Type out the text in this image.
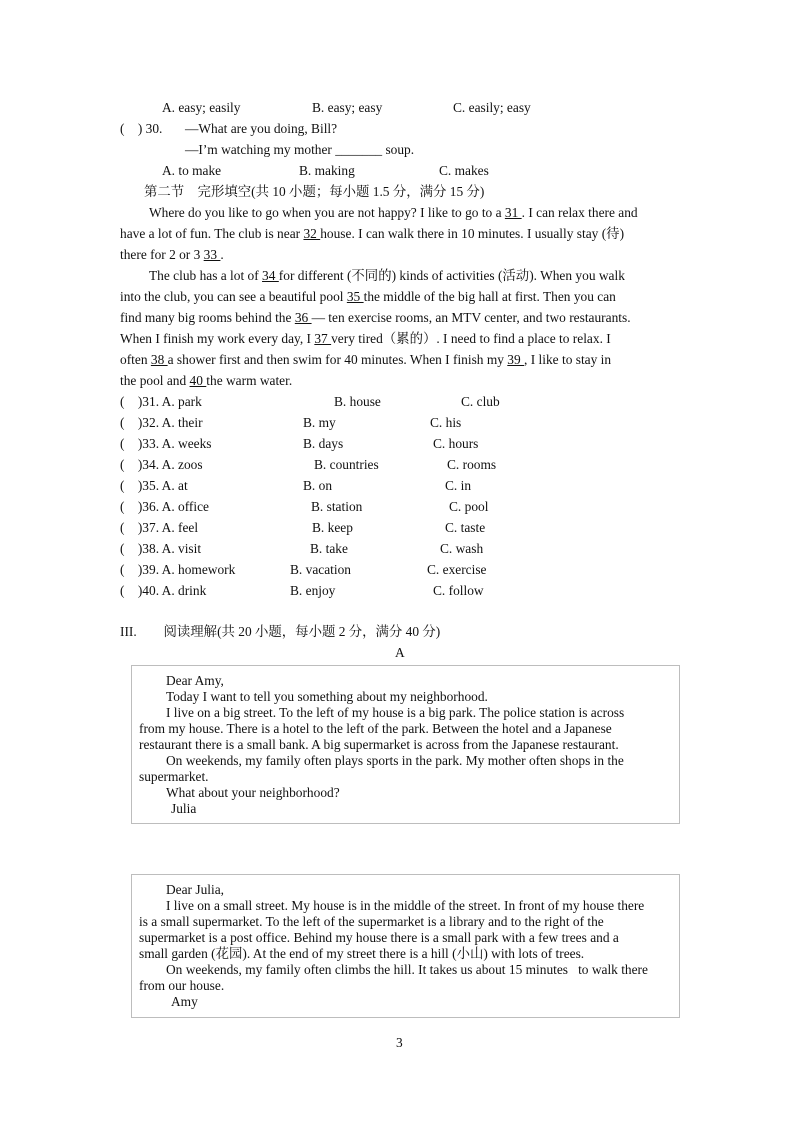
A. easy; easily	B. easy; easy	C. easily; easy
(    ) 30. —What are you doing, Bill?
—I’m watching my mother _______ soup.
A. to make	B. making	C. makes
第二节　完形填空(共 10 小题；每小题 1.5 分，满分 15 分)
Where do you like to go when you are not happy? I like to go to a 31 . I can relax there and
have a lot of fun. The club is near 32 house. I can walk there in 10 minutes. I usually stay (待)
there for 2 or 3 33 .
The club has a lot of 34 for different (不同的) kinds of activities (活动). When you walk
into the club, you can see a beautiful pool 35 the middle of the big hall at first. Then you can
find many big rooms behind the 36 — ten exercise rooms, an MTV center, and two restaurants.
When I finish my work every day, I 37 very tired（累的）. I need to find a place to relax. I
often 38 a shower first and then swim for 40 minutes. When I finish my 39 , I like to stay in
the pool and 40 the warm water.
(    )31. A. park	B. house	C. club
(    )32. A. their	B. my	C. his
(    )33. A. weeks	B. days	C. hours
(    )34. A. zoos	B. countries	C. rooms
(    )35. A. at	B. on	C. in
(    )36. A. office	B. station	C. pool
(    )37. A. feel	B. keep	C. taste
(    )38. A. visit	B. take	C. wash
(    )39. A. homework	B. vacation	C. exercise
(    )40. A. drink	B. enjoy	C. follow
III.　　阅读理解(共 20 小题，每小题 2 分，满分 40 分)
A
Dear Amy,
Today I want to tell you something about my neighborhood.
I live on a big street. To the left of my house is a big park. The police station is across
from my house. There is a hotel to the left of the park. Between the hotel and a Japanese
restaurant there is a small bank. A big supermarket is across from the Japanese restaurant.
On weekends, my family often plays sports in the park. My mother often shops in the
supermarket.
What about your neighborhood?
Julia
Dear Julia,
I live on a small street. My house is in the middle of the street. In front of my house there
is a small supermarket. To the left of the supermarket is a library and to the right of the
supermarket is a post office. Behind my house there is a small park with a few trees and a
small garden (花园). At the end of my street there is a hill (小山) with lots of trees.
On weekends, my family often climbs the hill. It takes us about 15 minutes   to walk there
from our house.
Amy
3
